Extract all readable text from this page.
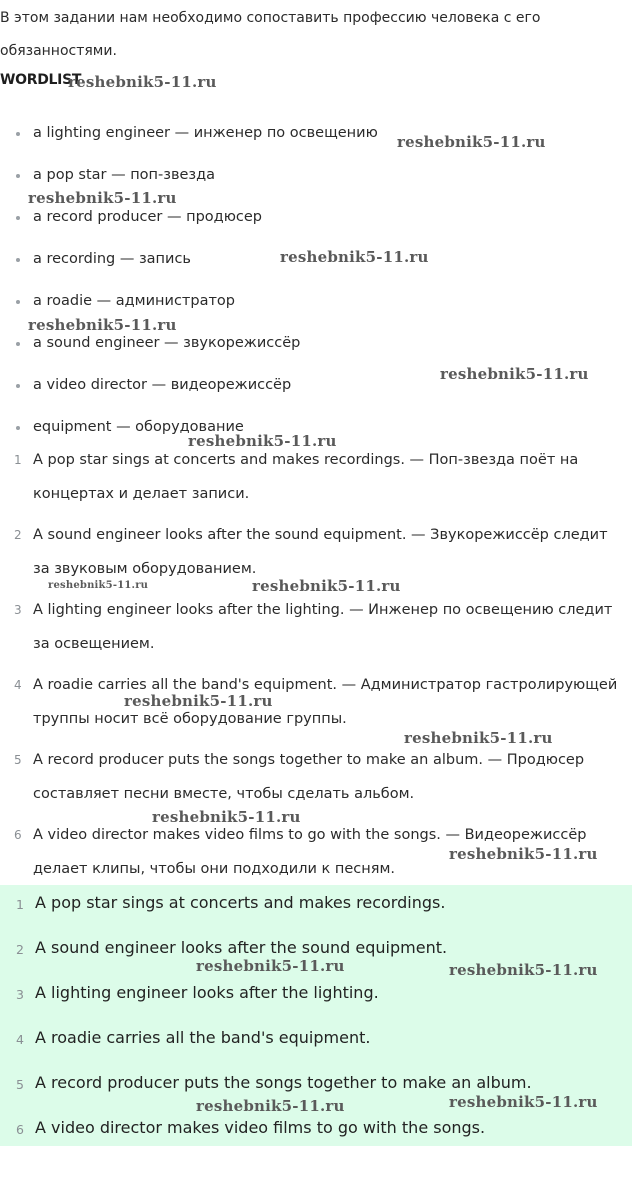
В этом задании нам необходимо сопоставить профессию человека с его обязанностями.

WORDLIST
a lighting engineer — инженер по освещению
a pop star — поп-звезда
a record producer — продюсер
a recording — запись
a roadie — администратор
a sound engineer — звукорежиссёр
a video director — видеорежиссёр
equipment — оборудование
1 A pop star sings at concerts and makes recordings. — Поп-звезда поёт на концертах и делает записи.
2 A sound engineer looks after the sound equipment. — Звукорежиссёр следит за звуковым оборудованием.
3 A lighting engineer looks after the lighting. — Инженер по освещению следит за освещением.
4 A roadie carries all the band's equipment. — Администратор гастролирующей труппы носит всё оборудование группы.
5 A record producer puts the songs together to make an album. — Продюсер составляет песни вместе, чтобы сделать альбом.
6 A video director makes video films to go with the songs. — Видеорежиссёр делает клипы, чтобы они подходили к песням.
1 A pop star sings at concerts and makes recordings.
2 A sound engineer looks after the sound equipment.
3 A lighting engineer looks after the lighting.
4 A roadie carries all the band's equipment.
5 A record producer puts the songs together to make an album.
6 A video director makes video films to go with the songs.
reshebnik5-11.ru
reshebnik5-11.ru
reshebnik5-11.ru
reshebnik5-11.ru
reshebnik5-11.ru
reshebnik5-11.ru
reshebnik5-11.ru
reshebnik5-11.ru	reshebnik5-11.ru
reshebnik5-11.ru
reshebnik5-11.ru
reshebnik5-11.ru
reshebnik5-11.ru
reshebnik5-11.ru	reshebnik5-11.ru
reshebnik5-11.ru	reshebnik5-11.ru
